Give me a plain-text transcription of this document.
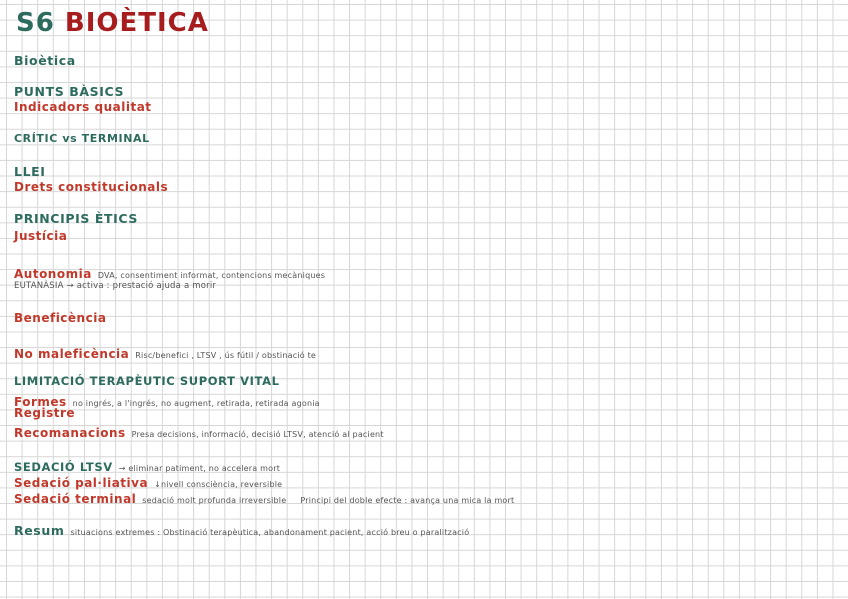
S6 BIOÈTICA
Bioètica
PUNTS BÀSICS
Indicadors qualitat
CRÍTIC vs TERMINAL
LLEI
Drets constitucionals
PRINCIPIS ÈTICS
Justícia
Autonomia DVA, consentiment informat, contencions mecàniques
EUTANÀSIA → activa : prestació ajuda a morir
Beneficència
No maleficència Risc/benefici , LTSV , ús fútil / obstinació te
LIMITACIÓ TERAPÈUTIC SUPORT VITAL
Formes no ingrés, a l'ingrés, no augment, retirada, retirada agonia
Registre
Recomanacions Presa decisions, informació, decisió LTSV, atenció al pacient
SEDACIÓ LTSV → eliminar patiment, no accelera mort
Sedació pal·liativa ↓nivell consciència, reversible
Sedació terminal sedació molt profunda irreversible Principi del doble efecte : avança una mica la mort
Resum situacions extremes : Obstinació terapèutica, abandonament pacient, acció breu o paralització
